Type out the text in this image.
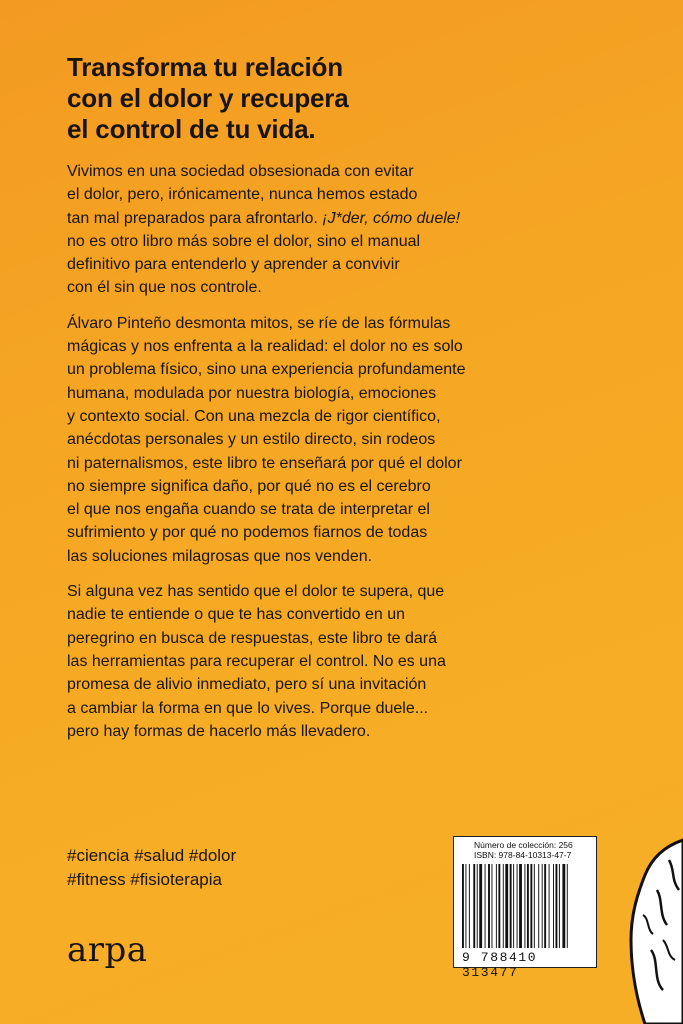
Transforma tu relación
con el dolor y recupera
el control de tu vida.

Vivimos en una sociedad obsesionada con evitar
el dolor, pero, irónicamente, nunca hemos estado
tan mal preparados para afrontarlo. ¡J*der, cómo duele!
no es otro libro más sobre el dolor, sino el manual
definitivo para entenderlo y aprender a convivir
con él sin que nos controle.

Álvaro Pinteño desmonta mitos, se ríe de las fórmulas
mágicas y nos enfrenta a la realidad: el dolor no es solo
un problema físico, sino una experiencia profundamente
humana, modulada por nuestra biología, emociones
y contexto social. Con una mezcla de rigor científico,
anécdotas personales y un estilo directo, sin rodeos
ni paternalismos, este libro te enseñará por qué el dolor
no siempre significa daño, por qué no es el cerebro
el que nos engaña cuando se trata de interpretar el
sufrimiento y por qué no podemos fiarnos de todas
las soluciones milagrosas que nos venden.

Si alguna vez has sentido que el dolor te supera, que
nadie te entiende o que te has convertido en un
peregrino en busca de respuestas, este libro te dará
las herramientas para recuperar el control. No es una
promesa de alivio inmediato, pero sí una invitación
a cambiar la forma en que lo vives. Porque duele...
pero hay formas de hacerlo más llevadero.

#ciencia #salud #dolor
#fitness #fisioterapia
arpa
Número de colección: 256
ISBN: 978-84-10313-47-7
9 788410 313477
